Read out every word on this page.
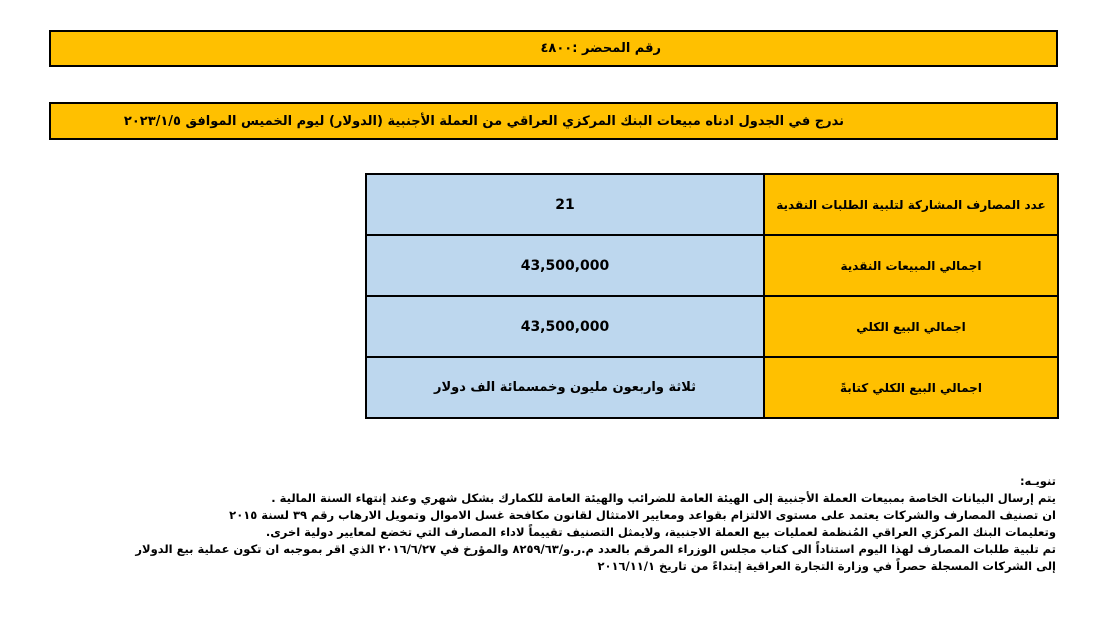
رقم المحضر :٤٨٠٠
ندرج في الجدول ادناه مبيعات البنك المركزي العراقي من العملة الأجنبية (الدولار) ليوم الخميس الموافق ٢٠٢٣/١/٥
عدد المصارف المشاركة لتلبية الطلبات النقدية	21
اجمالي المبيعات النقدية	43,500,000
اجمالي البيع الكلي	43,500,000
اجمالي البيع الكلي كتابةً	ثلاثة واربعون مليون وخمسمائة الف دولار

تنويـه:

يتم إرسال البيانات الخاصة بمبيعات العملة الأجنبية إلى الهيئة العامة للضرائب والهيئة العامة للكمارك بشكل شهري وعند إنتهاء السنة المالية .

ان تصنيف المصارف والشركات يعتمد على مستوى الالتزام بقواعد ومعايير الامتثال لقانون مكافحة غسل الاموال وتمويل الارهاب رقم ٣٩ لسنة ٢٠١٥

وتعليمات البنك المركزي العراقي المُنظمة لعمليات بيع العملة الاجنبية، ولايمثل التصنيف تقييماً لاداء المصارف التي تخضع لمعايير دولية اخرى.

تم تلبية طلبات المصارف لهذا اليوم استناداً الى كتاب مجلس الوزراء المرقم بالعدد م.ر.و/٨٢٥٩/٦٣ والمؤرخ في ٢٠١٦/٦/٢٧ الذي اقر بموجبه ان تكون عملية بيع الدولار

إلى الشركات المسجلة حصراً في وزارة التجارة العراقية إبتداءً من تاريخ ٢٠١٦/١١/١
